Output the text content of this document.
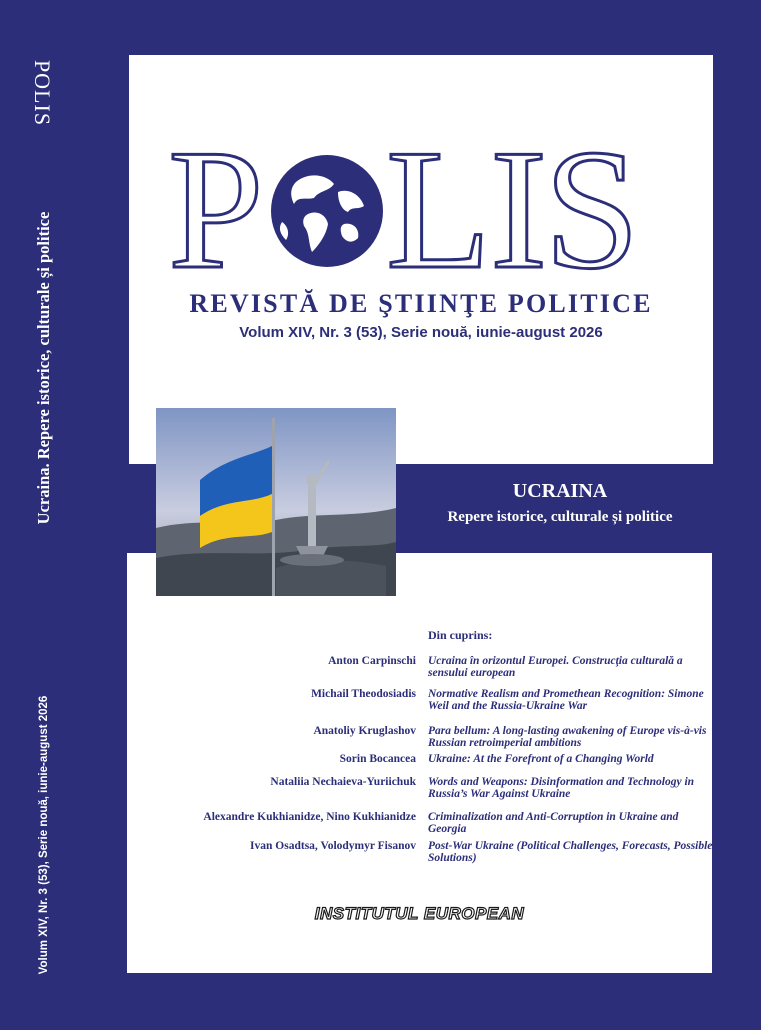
POLIS
Ucraina. Repere istorice, culturale și politice
Volum XIV, Nr. 3 (53), Serie nouă, iunie-august 2026
P L
I
S
REVISTĂ DE ŞTIINŢE POLITICE
Volum XIV, Nr. 3 (53), Serie nouă, iunie-august 2026
UCRAINA
Repere istorice, culturale și politice
Din cuprins:
Anton Carpinschi Ucraina în orizontul Europei. Construcţia culturală a sensului european
Michail Theodosiadis Normative Realism and Promethean Recognition: Simone Weil and the Russia-Ukraine War
Anatoliy Kruglashov Para bellum: A long-lasting awakening of Europe vis-à-vis Russian retroimperial ambitions
Sorin Bocancea Ukraine: At the Forefront of a Changing World
Nataliia Nechaieva-Yuriichuk Words and Weapons: Disinformation and Technology in Russia’s War Against Ukraine
Alexandre Kukhianidze, Nino Kukhianidze Criminalization and Anti-Corruption in Ukraine and Georgia
Ivan Osadtsa, Volodymyr Fisanov Post-War Ukraine (Political Challenges, Forecasts, Possible Solutions)
INSTITUTUL EUROPEAN
